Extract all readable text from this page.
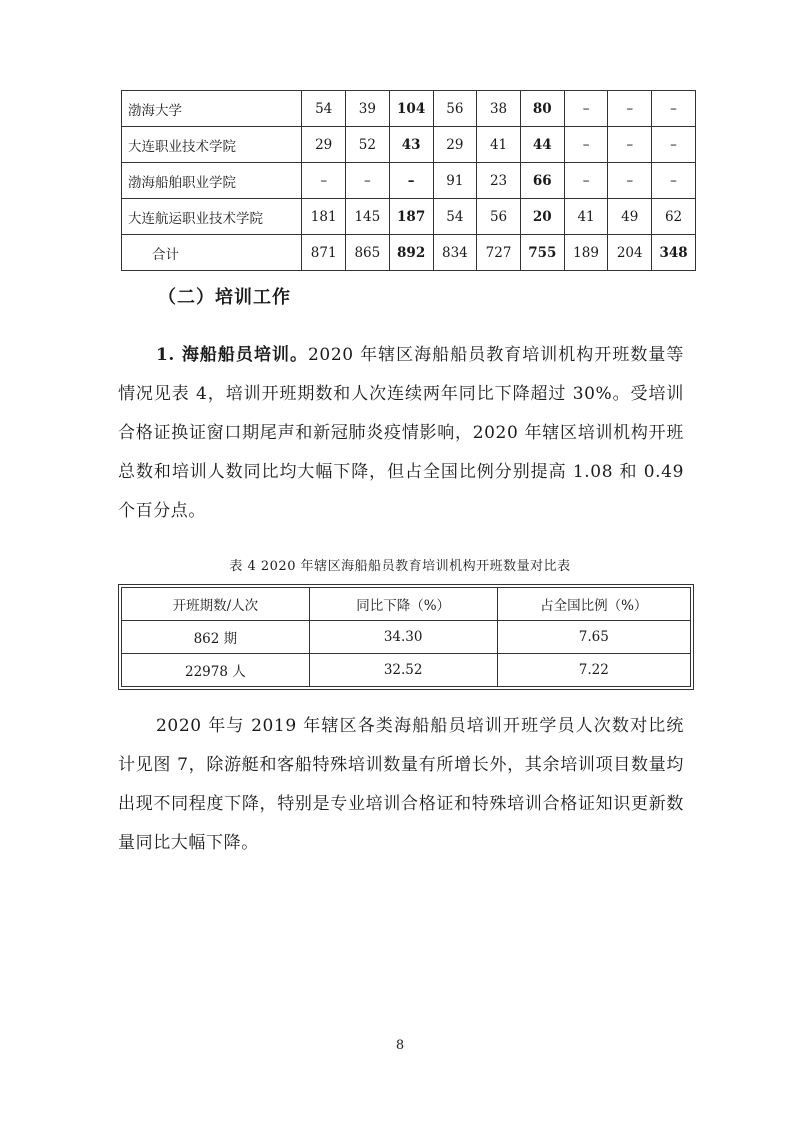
渤海大学	54	39	104	56	38	80	–	–	–
大连职业技术学院	29	52	43	29	41	44	–	–	–
渤海船舶职业学院	–	–	–	91	23	66	–	–	–
大连航运职业技术学院	181	145	187	54	56	20	41	49	62
合计	871	865	892	834	727	755	189	204	348
（二）培训工作

1. 海船船员培训。2020 年辖区海船船员教育培训机构开班数量等情况见表 4，培训开班期数和人次连续两年同比下降超过 30%。受培训合格证换证窗口期尾声和新冠肺炎疫情影响，2020 年辖区培训机构开班总数和培训人数同比均大幅下降，但占全国比例分别提高 1.08 和 0.49 个百分点。

表 4 2020 年辖区海船船员教育培训机构开班数量对比表
开班期数/人次	同比下降（%）	占全国比例（%）
862 期	34.30	7.65
22978 人	32.52	7.22

2020 年与 2019 年辖区各类海船船员培训开班学员人次数对比统计见图 7，除游艇和客船特殊培训数量有所增长外，其余培训项目数量均出现不同程度下降，特别是专业培训合格证和特殊培训合格证知识更新数量同比大幅下降。

8
